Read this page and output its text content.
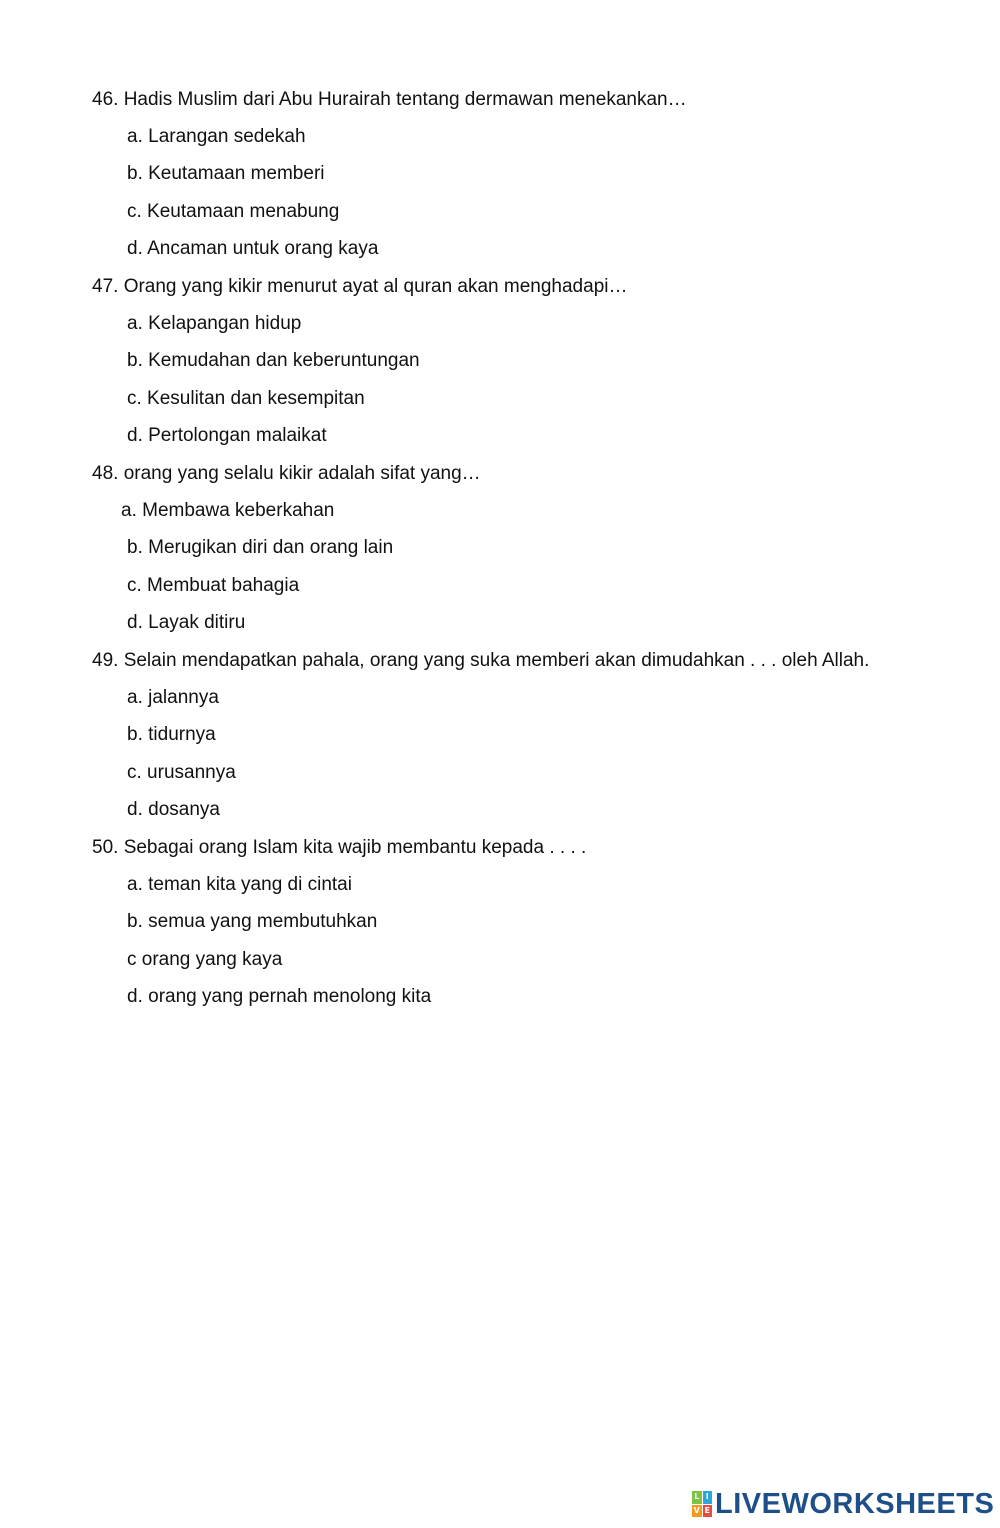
46. Hadis Muslim dari Abu Hurairah tentang dermawan menekankan…
a. Larangan sedekah
b. Keutamaan memberi
c. Keutamaan menabung
d. Ancaman untuk orang kaya
47. Orang yang kikir menurut ayat al quran akan menghadapi…
a. Kelapangan hidup
b. Kemudahan dan keberuntungan
c. Kesulitan dan kesempitan
d. Pertolongan malaikat
48. orang yang selalu kikir adalah sifat yang…
a. Membawa keberkahan
b. Merugikan diri dan orang lain
c. Membuat bahagia
d. Layak ditiru
49. Selain mendapatkan pahala, orang yang suka memberi akan dimudahkan . . . oleh Allah.
a. jalannya
b. tidurnya
c. urusannya
d. dosanya
50. Sebagai orang Islam kita wajib membantu kepada . . . .
a. teman kita yang di cintai
b. semua yang membutuhkan
c orang yang kaya
d. orang yang pernah menolong kita
L I
V E LIVEWORKSHEETS
